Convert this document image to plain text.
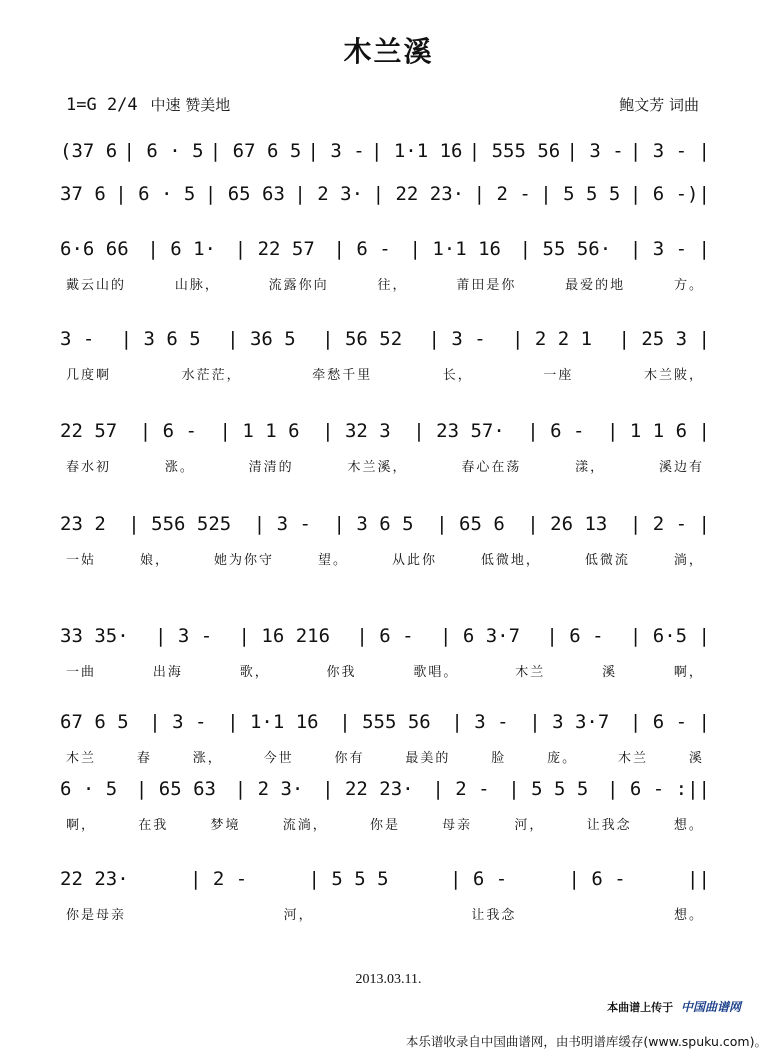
木兰溪
1=G 2/4 中速 赞美地	鲍文芳 词曲
(37 6 | 6 · 5 | 67 6 5 | 3 - | 1·1 16 | 555 56 | 3 - | 3 - |
37 6 | 6 · 5 | 65 63 | 2 3· | 22 23· | 2 - | 5 5 5 | 6 -)|
6·6 66 | 6 1· | 22 57 | 6 - | 1·1 16 | 55 56· | 3 - |
戴云山的	山脉，	流露你向	往，	莆田是你	最爱的地	方。
3 - | 3 6 5 | 36 5 | 56 52 | 3 - | 2 2 1 | 25 3 |
几度啊	水茫茫，	牵愁千里	长，	一座	木兰陂，
22 57 | 6 - | 1 1 6 | 32 3 | 23 57· | 6 - | 1 1 6 |
春水初	涨。	清清的	木兰溪，	春心在荡	漾，	溪边有
23 2 | 556 525 | 3 - | 3 6 5 | 65 6 | 26 13 | 2 - |
一姑	娘，	她为你守	望。	从此你	低微地，	低微流	淌，
33 35· | 3 - | 16 216 | 6 - | 6 3·7 | 6 - | 6·5 |
一曲	出海	歌，	你我	歌唱。	木兰	溪	啊，
67 6 5 | 3 - | 1·1 16 | 555 56 | 3 - | 3 3·7 | 6 - |
木兰	春	涨，	今世	你有	最美的	脸	庞。	木兰	溪
6 · 5 | 65 63 | 2 3· | 22 23· | 2 - | 5 5 5 | 6 - :||
啊，	在我	梦境	流淌，	你是	母亲	河，	让我念	想。
22 23·	| 2 -	| 5 5 5	| 6 -	| 6 -	||
你是母亲	河，	让我念	想。
2013.03.11.
本曲谱上传于 中国曲谱网
本乐谱收录自中国曲谱网，由书明谱库缓存(www.spuku.com)。
